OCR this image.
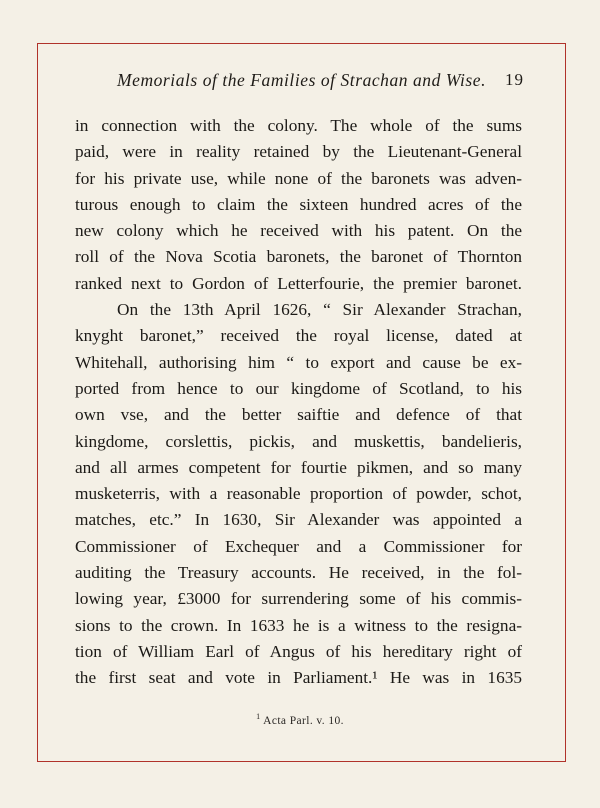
Memorials of the Families of Strachan and Wise. 19
in connection with the colony. The whole of the sums
paid, were in reality retained by the Lieutenant-General
for his private use, while none of the baronets was adven-
turous enough to claim the sixteen hundred acres of the
new colony which he received with his patent. On the
roll of the Nova Scotia baronets, the baronet of Thornton
ranked next to Gordon of Letterfourie, the premier baronet.
On the 13th April 1626, “ Sir Alexander Strachan,
knyght baronet,” received the royal license, dated at
Whitehall, authorising him “ to export and cause be ex-
ported from hence to our kingdome of Scotland, to his
own vse, and the better saiftie and defence of that
kingdome, corslettis, pickis, and muskettis, bandelieris,
and all armes competent for fourtie pikmen, and so many
musketerris, with a reasonable proportion of powder, schot,
matches, etc.” In 1630, Sir Alexander was appointed a
Commissioner of Exchequer and a Commissioner for
auditing the Treasury accounts. He received, in the fol-
lowing year, £3000 for surrendering some of his commis-
sions to the crown. In 1633 he is a witness to the resigna-
tion of William Earl of Angus of his hereditary right of
the first seat and vote in Parliament.¹ He was in 1635
$^1$ Acta Parl. v. 10.
